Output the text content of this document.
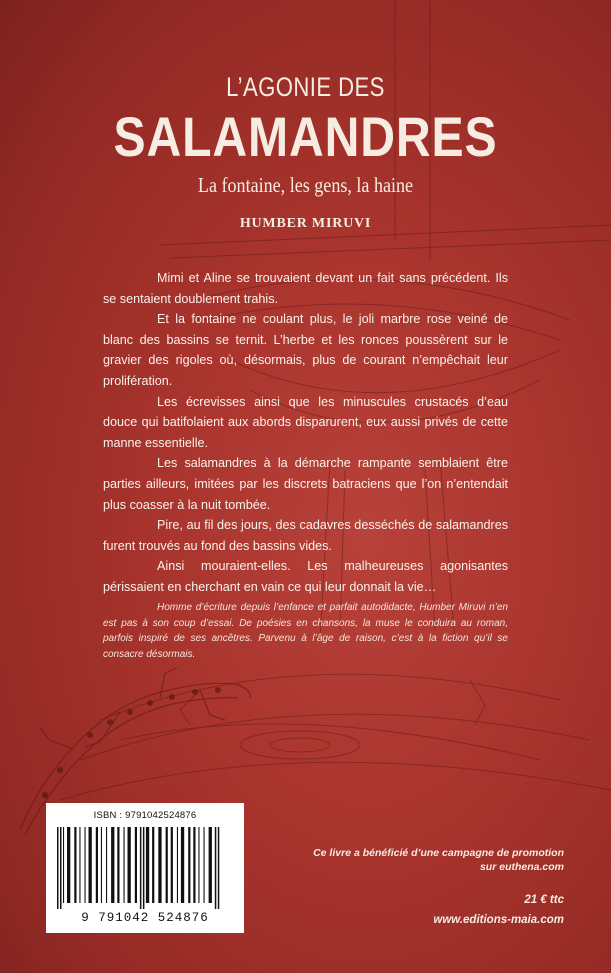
L’AGONIE DES
SALAMANDRES
La fontaine, les gens, la haine
HUMBER MIRUVI

Mimi et Aline se trouvaient devant un fait sans précédent. Ils se sentaient doublement trahis.

Et la fontaine ne coulant plus, le joli marbre rose veiné de blanc des bassins se ternit. L’herbe et les ronces poussèrent sur le gravier des rigoles où, désormais, plus de courant n’empêchait leur prolifération.

Les écrevisses ainsi que les minuscules crustacés d’eau douce qui batifolaient aux abords disparurent, eux aussi privés de cette manne essentielle.

Les salamandres à la démarche rampante semblaient être parties ailleurs, imitées par les discrets batraciens que l’on n’entendait plus coasser à la nuit tombée.

Pire, au fil des jours, des cadavres desséchés de salamandres furent trouvés au fond des bassins vides.

Ainsi mouraient-elles. Les malheureuses agonisantes périssaient en cherchant en vain ce qui leur donnait la vie…

Homme d’écriture depuis l’enfance et parfait autodidacte, Humber Miruvi n’en est pas à son coup d’essai. De poésies en chansons, la muse le conduira au roman, parfois inspiré de ses ancêtres. Parvenu à l’âge de raison, c’est à la fiction qu’il se consacre désormais.

ISBN : 9791042524876
9 791042 524876
Ce livre a bénéficié d’une campagne de promotion
sur euthena.com
21 € ttc
www.editions-maia.com
